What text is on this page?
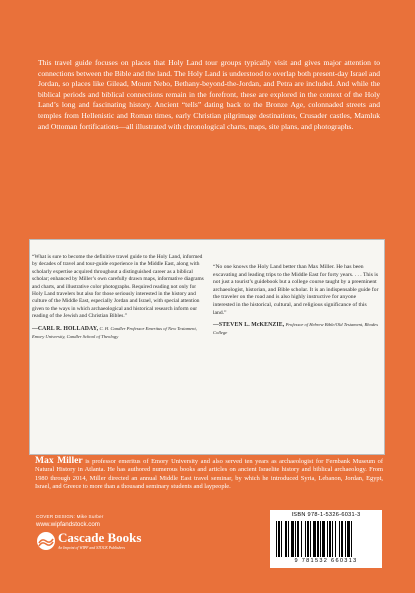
This travel guide focuses on places that Holy Land tour groups typically visit and gives major attention to connections between the Bible and the land. The Holy Land is understood to overlap both present-day Israel and Jordan, so places like Gilead, Mount Nebo, Bethany-beyond-the-Jordan, and Petra are included. And while the biblical periods and biblical connections remain in the forefront, these are explored in the context of the Holy Land’s long and fascinating history. Ancient “tells” dating back to the Bronze Age, colonnaded streets and temples from Hellenistic and Roman times, early Christian pilgrimage destinations, Crusader castles, Mamluk and Ottoman fortifications—all illustrated with chronological charts, maps, site plans, and photographs.
“What is sure to become the definitive travel guide to the Holy Land, informed by decades of travel and tour-guide experience in the Middle East, along with scholarly expertise acquired throughout a distinguished career as a biblical scholar; enhanced by Miller’s own carefully drawn maps, informative diagrams and charts, and illustrative color photographs. Required reading not only for Holy Land travelers but also for those seriously interested in the history and culture of the Middle East, especially Jordan and Israel, with special attention given to the ways in which archaeological and historical research inform our reading of the Jewish and Christian Bibles.”
—CARL R. HOLLADAY, C. H. Candler Professor Emeritus of New Testament, Emory University, Candler School of Theology
“No one knows the Holy Land better than Max Miller. He has been excavating and leading trips to the Middle East for forty years. . . . This is not just a tourist’s guidebook but a college course taught by a preeminent archaeologist, historian, and Bible scholar. It is an indispensable guide for the traveler on the road and is also highly instructive for anyone interested in the historical, cultural, and religious significance of this land.”
—STEVEN L. McKENZIE, Professor of Hebrew Bible/Old Testament, Rhodes College
Max Miller is professor emeritus of Emory University and also served ten years as archaeologist for Fernbank Museum of Natural History in Atlanta. He has authored numerous books and articles on ancient Israelite history and biblical archaeology. From 1980 through 2014, Miller directed an annual Middle East travel seminar, by which he introduced Syria, Lebanon, Jordan, Egypt, Israel, and Greece to more than a thousand seminary students and laypeople.
COVER DESIGN: Mike Surber
www.wipfandstock.com
Cascade Books
An Imprint of WIPF and STOCK Publishers
ISBN 978-1-5326-6031-3
9 781532 660313
